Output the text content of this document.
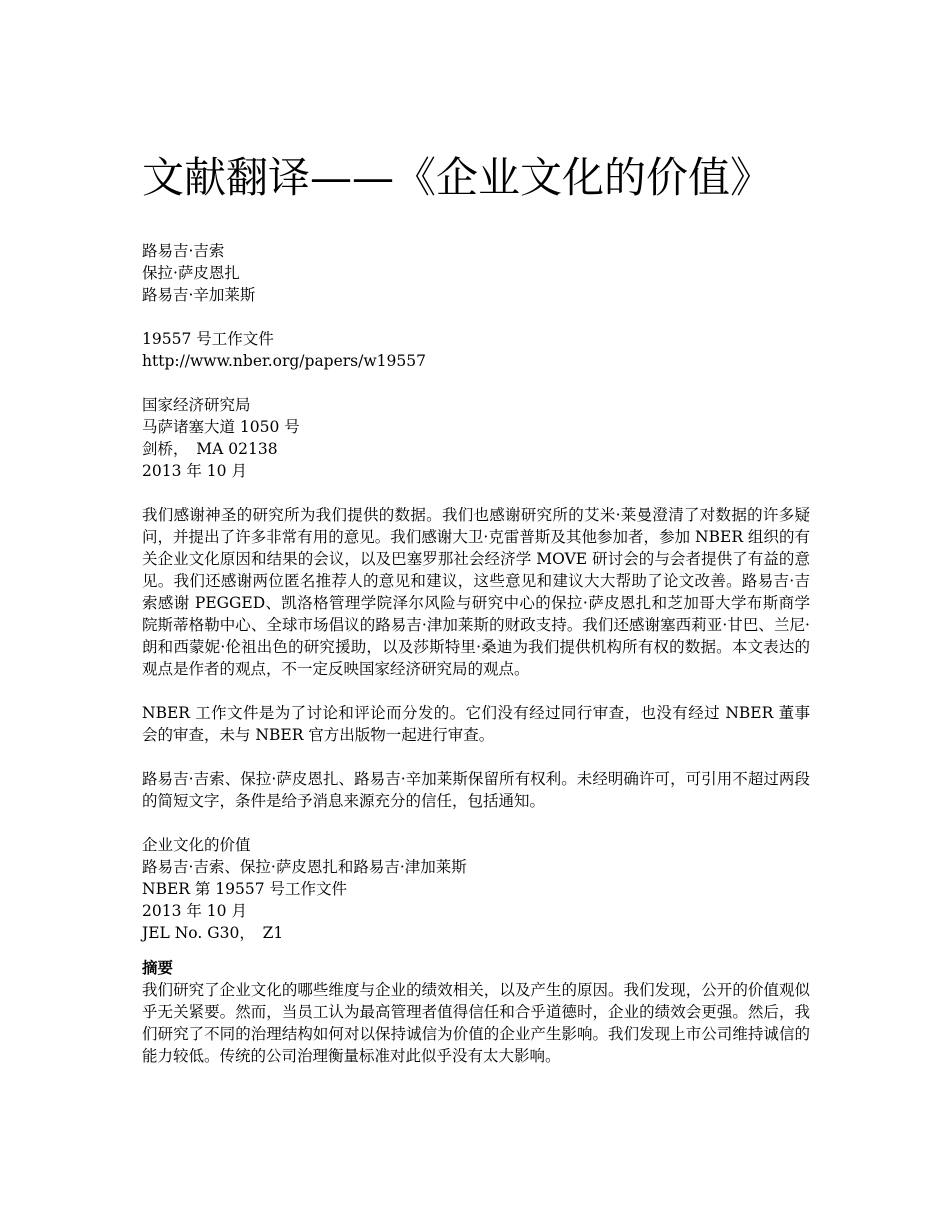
文献翻译——《企业文化的价值》
路易吉·吉索
保拉·萨皮恩扎
路易吉·辛加莱斯
19557 号工作文件
http://www.nber.org/papers/w19557
国家经济研究局
马萨诸塞大道 1050 号
剑桥，　MA 02138
2013 年 10 月

我们感谢神圣的研究所为我们提供的数据。我们也感谢研究所的艾米·莱曼澄清了对数据的许多疑问，并提出了许多非常有用的意见。我们感谢大卫·克雷普斯及其他参加者，参加 NBER 组织的有关企业文化原因和结果的会议，以及巴塞罗那社会经济学 MOVE 研讨会的与会者提供了有益的意见。我们还感谢两位匿名推荐人的意见和建议，这些意见和建议大大帮助了论文改善。路易吉·吉索感谢 PEGGED、凯洛格管理学院泽尔风险与研究中心的保拉·萨皮恩扎和芝加哥大学布斯商学院斯蒂格勒中心、全球市场倡议的路易吉·津加莱斯的财政支持。我们还感谢塞西莉亚·甘巴、兰尼·朗和西蒙妮·伦祖出色的研究援助，以及莎斯特里·桑迪为我们提供机构所有权的数据。本文表达的观点是作者的观点，不一定反映国家经济研究局的观点。

NBER 工作文件是为了讨论和评论而分发的。它们没有经过同行审查，也没有经过 NBER 董事会的审查，未与 NBER 官方出版物一起进行审查。

路易吉·吉索、保拉·萨皮恩扎、路易吉·辛加莱斯保留所有权利。未经明确许可，可引用不超过两段的简短文字，条件是给予消息来源充分的信任，包括通知。

企业文化的价值
路易吉·吉索、保拉·萨皮恩扎和路易吉·津加莱斯
NBER 第 19557 号工作文件
2013 年 10 月
JEL No. G30，　Z1
摘要

我们研究了企业文化的哪些维度与企业的绩效相关，以及产生的原因。我们发现，公开的价值观似乎无关紧要。然而，当员工认为最高管理者值得信任和合乎道德时，企业的绩效会更强。然后，我们研究了不同的治理结构如何对以保持诚信为价值的企业产生影响。我们发现上市公司维持诚信的能力较低。传统的公司治理衡量标准对此似乎没有太大影响。
